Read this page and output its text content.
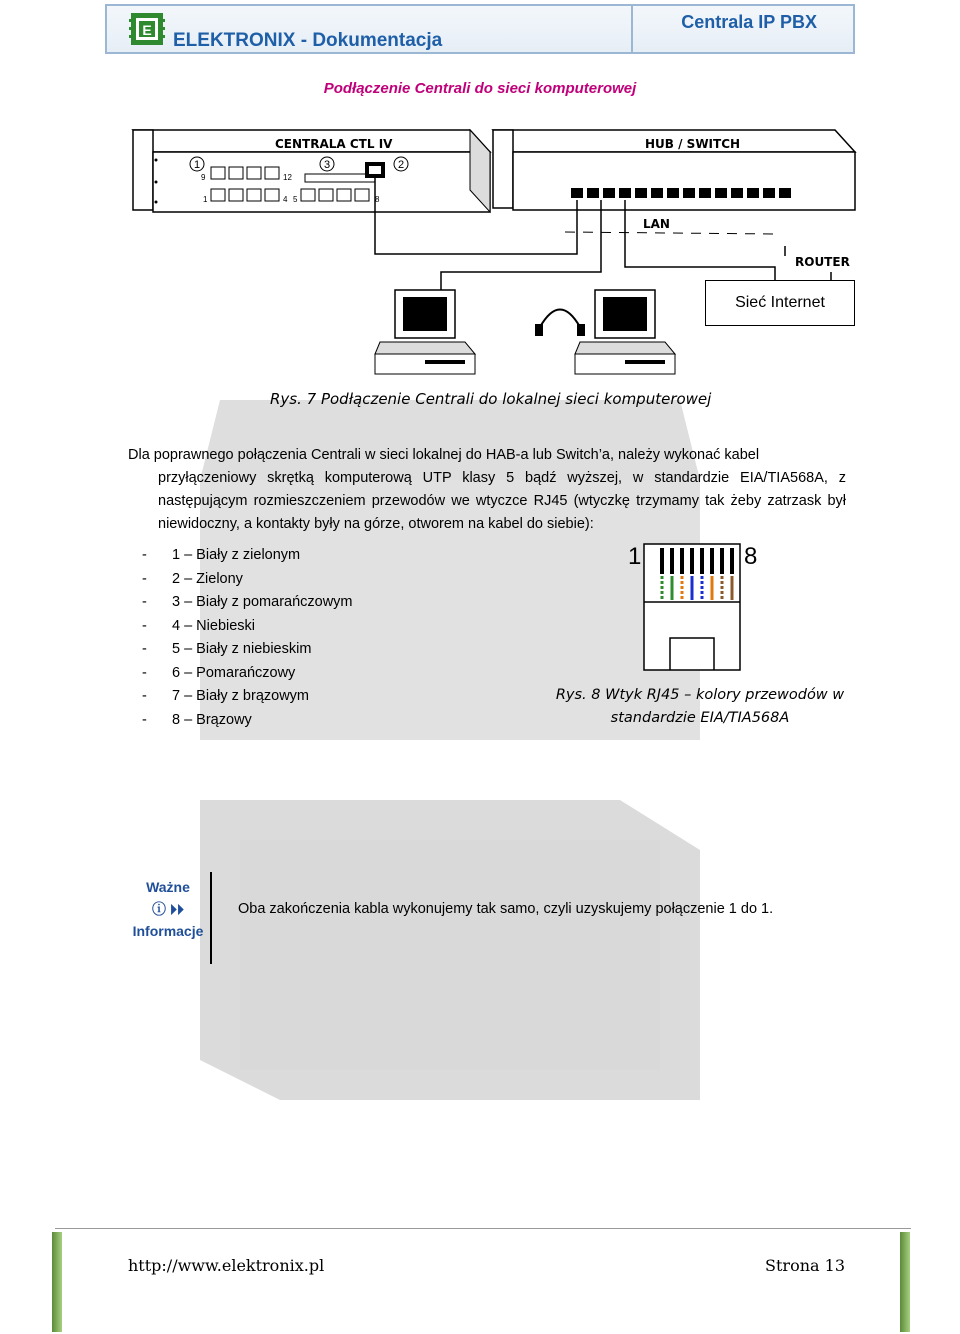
E ELEKTRONIX - Dokumentacja
Centrala IP PBX
Podłączenie Centrali do sieci komputerowej
CENTRALA CTL IV
1	3	2
9	12
1	4 5	8
HUB / SWITCH
LAN
ROUTER
Sieć Internet
Rys. 7 Podłączenie Centrali do lokalnej sieci komputerowej
Dla poprawnego połączenia Centrali w sieci lokalnej do HAB-a lub Switch’a, należy wykonać kabel
przyłączeniowy skrętką komputerową UTP klasy 5 bądź wyższej, w standardzie EIA/TIA568A, z następującym rozmieszczeniem przewodów we wtyczce RJ45 (wtyczkę trzymamy tak żeby zatrzask był niewidoczny, a kontakty były na górze, otworem na kabel do siebie):
- 1 – Biały z zielonym
- 2 – Zielony
- 3 – Biały z pomarańczowym
- 4 – Niebieski
- 5 – Biały z niebieskim
- 6 – Pomarańczowy
- 7 – Biały z brązowym
- 8 – Brązowy
1	8
Rys. 8 Wtyk RJ45 – kolory przewodów w
standardzie EIA/TIA568A
Ważne
ⓘ ⏵⏵
Informacje
Oba zakończenia kabla wykonujemy tak samo, czyli uzyskujemy połączenie 1 do 1.
http://www.elektronix.pl	Strona 13
